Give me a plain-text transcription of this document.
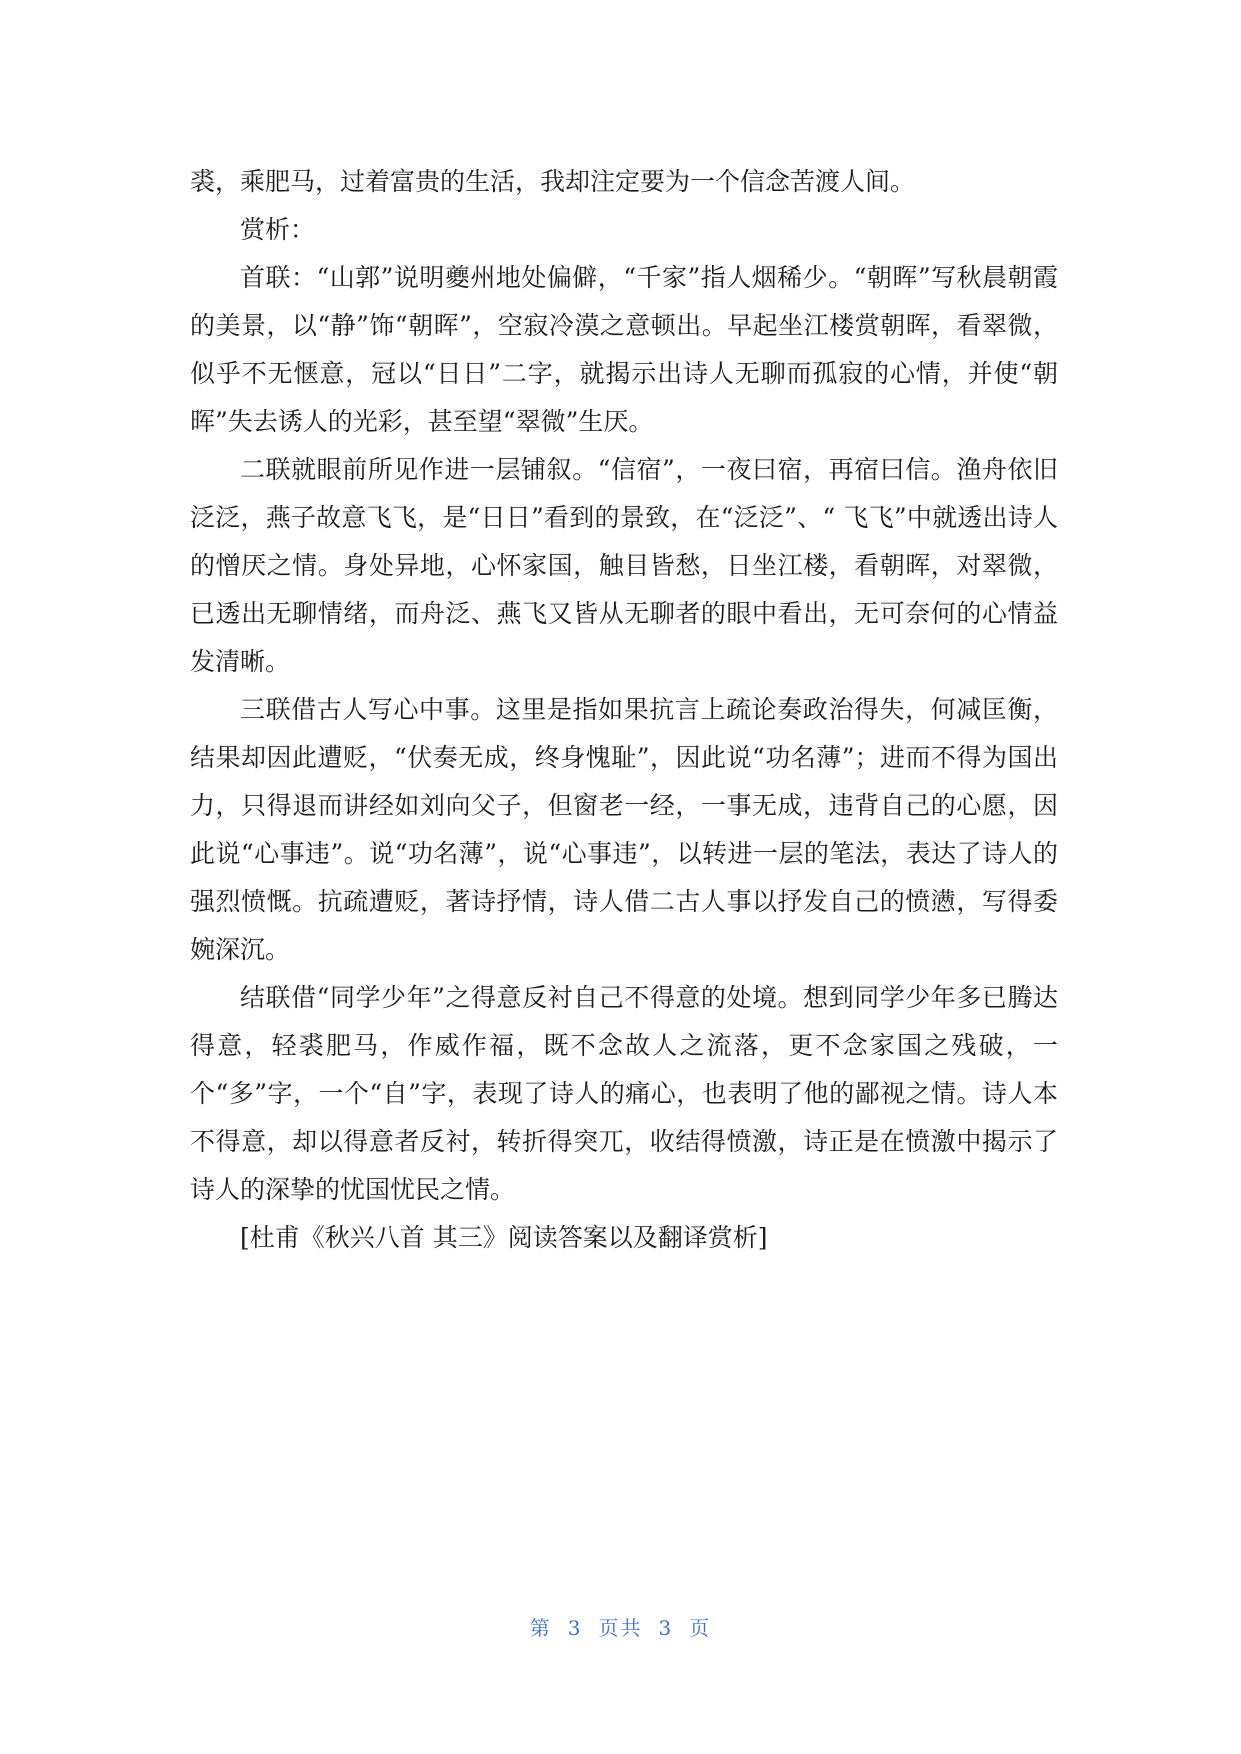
裘，乘肥马，过着富贵的生活，我却注定要为一个信念苦渡人间。

赏析：

首联：“山郭”说明夔州地处偏僻，“千家”指人烟稀少。“朝晖”写秋晨朝霞的美景，以“静”饰“朝晖”，空寂冷漠之意顿出。早起坐江楼赏朝晖，看翠微，似乎不无惬意，冠以“日日”二字，就揭示出诗人无聊而孤寂的心情，并使“朝晖”失去诱人的光彩，甚至望“翠微”生厌。

二联就眼前所见作进一层铺叙。“信宿”，一夜曰宿，再宿曰信。渔舟依旧泛泛，燕子故意飞飞，是“日日”看到的景致，在“泛泛”、“ 飞飞”中就透出诗人的憎厌之情。身处异地，心怀家国，触目皆愁，日坐江楼，看朝晖，对翠微，已透出无聊情绪，而舟泛、燕飞又皆从无聊者的眼中看出，无可奈何的心情益发清晰。

三联借古人写心中事。这里是指如果抗言上疏论奏政治得失，何减匡衡，结果却因此遭贬，“伏奏无成，终身愧耻”，因此说“功名薄”；进而不得为国出力，只得退而讲经如刘向父子，但窗老一经，一事无成，违背自己的心愿，因此说“心事违”。说“功名薄”，说“心事违”，以转进一层的笔法，表达了诗人的强烈愤慨。抗疏遭贬，著诗抒情，诗人借二古人事以抒发自己的愤懑，写得委婉深沉。

结联借“同学少年”之得意反衬自己不得意的处境。想到同学少年多已腾达得意，轻裘肥马，作威作福，既不念故人之流落，更不念家国之残破，一个“多”字，一个“自”字，表现了诗人的痛心，也表明了他的鄙视之情。诗人本不得意，却以得意者反衬，转折得突兀，收结得愤激，诗正是在愤激中揭示了诗人的深挚的忧国忧民之情。

[杜甫《秋兴八首 其三》阅读答案以及翻译赏析]

第 3 页共 3 页
